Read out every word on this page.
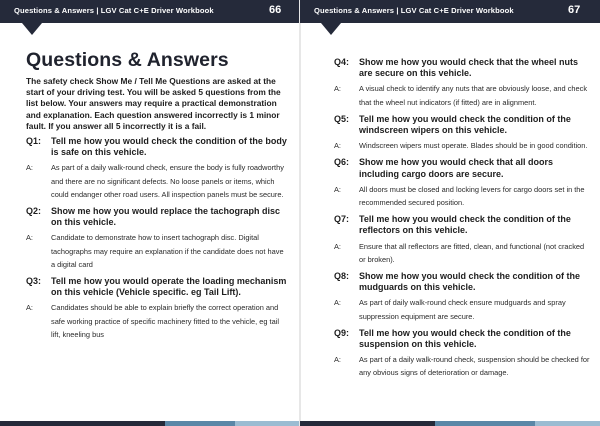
Questions & Answers | LGV Cat C+E Driver Workbook	66
Questions & Answers

The safety check Show Me / Tell Me Questions are asked at the start of your driving test. You will be asked 5 questions from the list below. Your answers may require a practical demonstration and explanation. Each question answered incorrectly is 1 minor fault. If you answer all 5 incorrectly it is a fail.

Q1:	Tell me how you would check the condition of the body is safe on this vehicle.
A:	As part of a daily walk-round check, ensure the body is fully roadworthy and there are no significant defects. No loose panels or items, which could endanger other road users. All inspection panels must be secure.
Q2:	Show me how you would replace the tachograph disc on this vehicle.
A:	Candidate to demonstrate how to insert tachograph disc. Digital tachographs may require an explanation if the candidate does not have a digital card
Q3:	Tell me how you would operate the loading mechanism on this vehicle (Vehicle specific. eg Tail Lift).
A:	Candidates should be able to explain briefly the correct operation and safe working practice of specific machinery fitted to the vehicle, eg tail lift, kneeling bus
Questions & Answers | LGV Cat C+E Driver Workbook	67
Q4:	Show me how you would check that the wheel nuts are secure on this vehicle.
A:	A visual check to identify any nuts that are obviously loose, and check that the wheel nut indicators (if fitted) are in alignment.
Q5:	Tell me how you would check the condition of the windscreen wipers on this vehicle.
A:	Windscreen wipers must operate. Blades should be in good condition.
Q6:	Show me how you would check that all doors including cargo doors are secure.
A:	All doors must be closed and locking levers for cargo doors set in the recommended secured position.
Q7:	Tell me how you would check the condition of the reflectors on this vehicle.
A:	Ensure that all reflectors are fitted, clean, and functional (not cracked or broken).
Q8:	Show me how you would check the condition of the mudguards on this vehicle.
A:	As part of daily walk-round check ensure mudguards and spray suppression equipment are secure.
Q9:	Tell me how you would check the condition of the suspension on this vehicle.
A:	As part of a daily walk-round check, suspension should be checked for any obvious signs of deterioration or damage.
